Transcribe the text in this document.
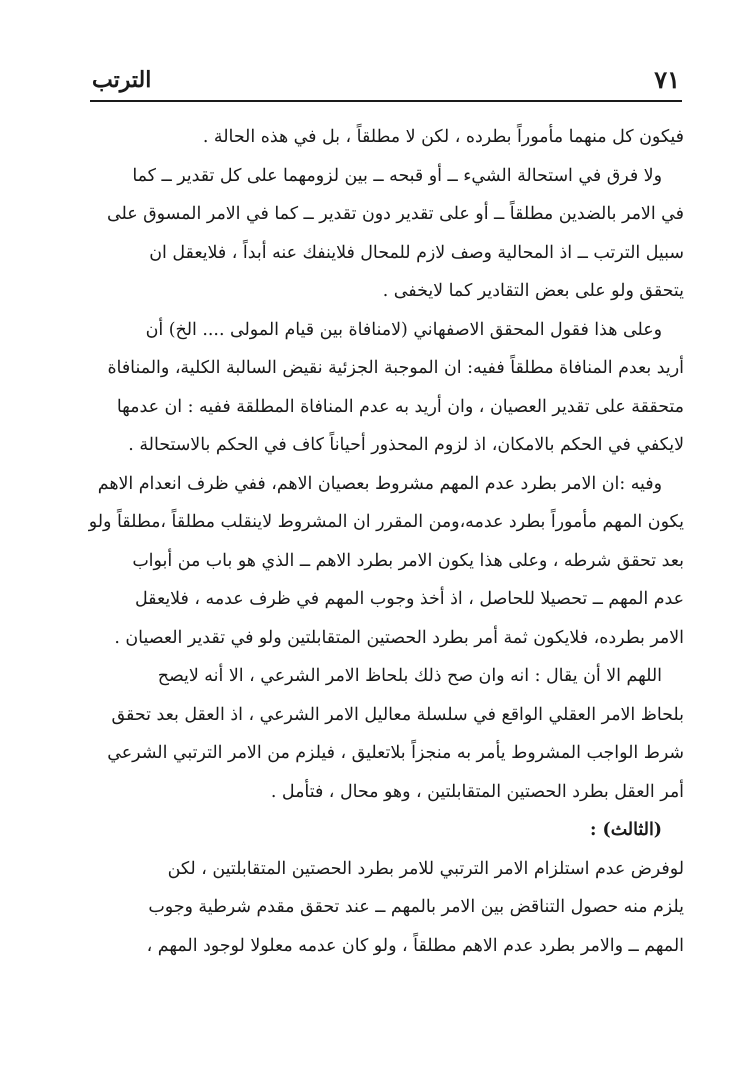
٧١
الترتب
فيكون كل منهما مأموراً بطرده ، لكن لا مطلقاً ، بل في هذه الحالة .
ولا فرق في استحالة الشيء ــ أو قبحه ــ بين لزومهما على كل تقدير ــ كما
في الامر بالضدين مطلقاً ــ أو على تقدير دون تقدير ــ كما في الامر المسوق على
سبيل الترتب ــ اذ المحالية وصف لازم للمحال فلاينفك عنه أبداً ، فلايعقل ان
يتحقق ولو على بعض التقادير كما لايخفى .
وعلى هذا فقول المحقق الاصفهاني (لامنافاة بين قيام المولى .... الخ) أن
أريد بعدم المنافاة مطلقاً ففيه: ان الموجبة الجزئية نقيض السالبة الكلية، والمنافاة
متحققة على تقدير العصيان ، وان أريد به عدم المنافاة المطلقة ففيه : ان عدمها
لايكفي في الحكم بالامكان، اذ لزوم المحذور أحياناً كاف في الحكم بالاستحالة .
وفيه :ان الامر بطرد عدم المهم مشروط بعصيان الاهم، ففي ظرف انعدام الاهم
يكون المهم مأموراً بطرد عدمه،ومن المقرر ان المشروط لاينقلب مطلقاً ،مطلقاً ولو
بعد تحقق شرطه ، وعلى هذا يكون الامر بطرد الاهم ــ الذي هو باب من أبواب
عدم المهم ــ تحصيلا للحاصل ، اذ أخذ وجوب المهم في ظرف عدمه ، فلايعقل
الامر بطرده، فلايكون ثمة أمر بطرد الحصتين المتقابلتين ولو في تقدير العصيان .
اللهم الا أن يقال : انه وان صح ذلك بلحاظ الامر الشرعي ، الا أنه لايصح
بلحاظ الامر العقلي الواقع في سلسلة معاليل الامر الشرعي ، اذ العقل بعد تحقق
شرط الواجب المشروط يأمر به منجزاً بلاتعليق ، فيلزم من الامر الترتبي الشرعي
أمر العقل بطرد الحصتين المتقابلتين ، وهو محال ، فتأمل .
(الثالث) :
لوفرض عدم استلزام الامر الترتبي للامر بطرد الحصتين المتقابلتين ، لكن
يلزم منه حصول التناقض بين الامر بالمهم ــ عند تحقق مقدم شرطية وجوب
المهم ــ والامر بطرد عدم الاهم مطلقاً ، ولو كان عدمه معلولا لوجود المهم ،
